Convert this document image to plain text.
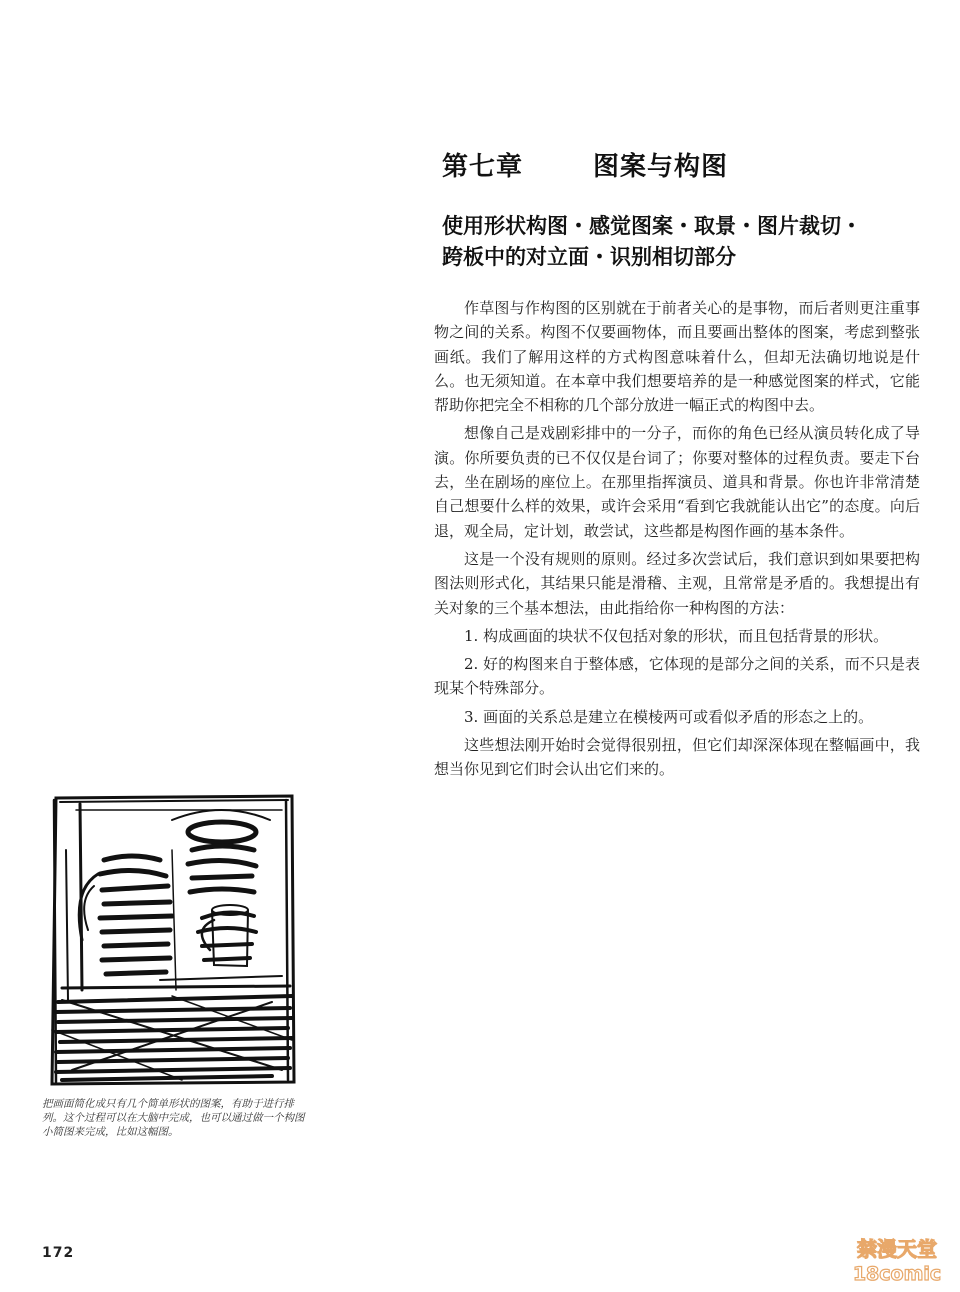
第七章	图案与构图
使用形状构图・感觉图案・取景・图片裁切・
跨板中的对立面・识别相切部分

作草图与作构图的区别就在于前者关心的是事物，而后者则更注重事物之间的关系。构图不仅要画物体，而且要画出整体的图案，考虑到整张画纸。我们了解用这样的方式构图意味着什么，但却无法确切地说是什么。也无须知道。在本章中我们想要培养的是一种感觉图案的样式，它能帮助你把完全不相称的几个部分放进一幅正式的构图中去。

想像自己是戏剧彩排中的一分子，而你的角色已经从演员转化成了导演。你所要负责的已不仅仅是台词了；你要对整体的过程负责。要走下台去，坐在剧场的座位上。在那里指挥演员、道具和背景。你也许非常清楚自己想要什么样的效果，或许会采用“看到它我就能认出它”的态度。向后退，观全局，定计划，敢尝试，这些都是构图作画的基本条件。

这是一个没有规则的原则。经过多次尝试后，我们意识到如果要把构图法则形式化，其结果只能是滑稽、主观，且常常是矛盾的。我想提出有关对象的三个基本想法，由此指给你一种构图的方法：

1. 构成画面的块状不仅包括对象的形状，而且包括背景的形状。

2. 好的构图来自于整体感，它体现的是部分之间的关系，而不只是表现某个特殊部分。

3. 画面的关系总是建立在模棱两可或看似矛盾的形态之上的。

这些想法刚开始时会觉得很别扭，但它们却深深体现在整幅画中，我想当你见到它们时会认出它们来的。

把画面简化成只有几个简单形状的图案，有助于进行排列。这个过程可以在大脑中完成，也可以通过做一个构图小简图来完成，比如这幅图。
172	禁漫天堂
18comic
